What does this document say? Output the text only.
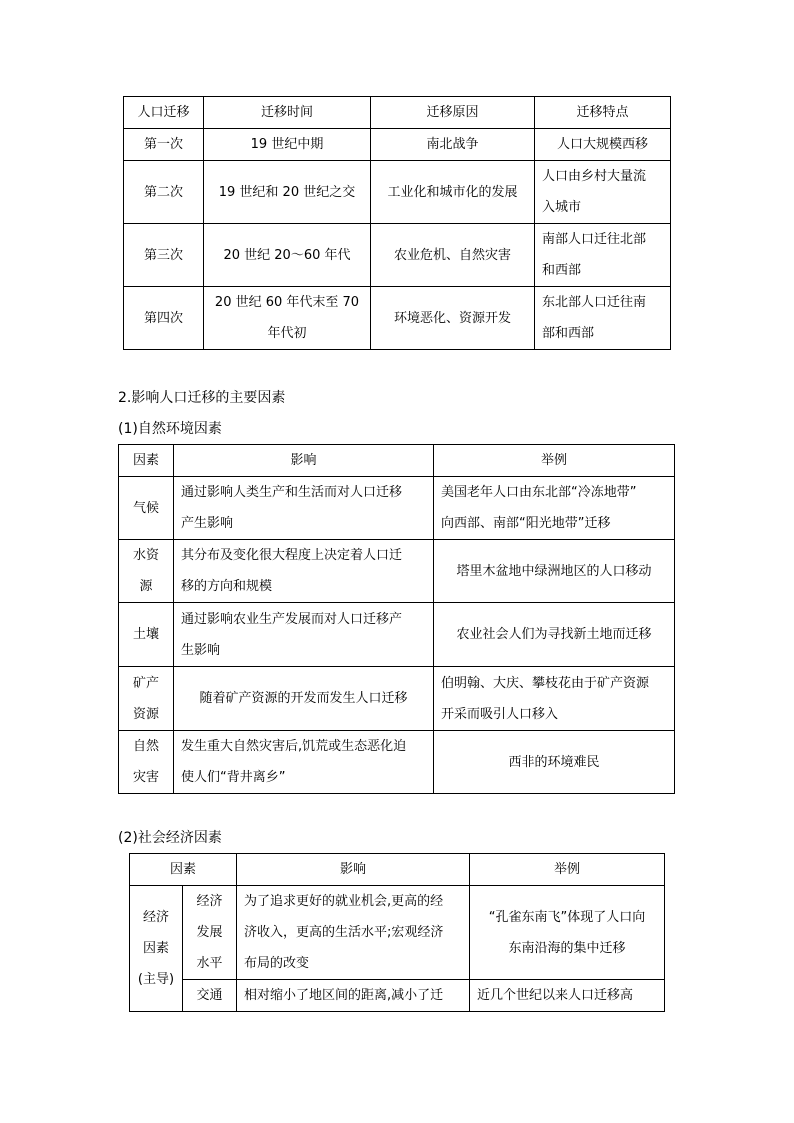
人口迁移	迁移时间	迁移原因	迁移特点
第一次	19 世纪中期	南北战争	人口大规模西移

第二次	19 世纪和 20 世纪之交	工业化和城市化的发展	人口由乡村大量流
入城市

第三次	20 世纪 20～60 年代	农业危机、自然灾害	南部人口迁往北部
和西部

第四次	20 世纪 60 年代末至 70
年代初	环境恶化、资源开发	东北部人口迁往南
部和西部
2.影响人口迁移的主要因素
(1)自然环境因素
因素	影响	举例

气候	通过影响人类生产和生活而对人口迁移
产生影响	美国老年人口由东北部“冷冻地带”
向西部、南部“阳光地带”迁移

水资
源	其分布及变化很大程度上决定着人口迁
移的方向和规模	塔里木盆地中绿洲地区的人口移动

土壤	通过影响农业生产发展而对人口迁移产
生影响	农业社会人们为寻找新土地而迁移

矿产
资源	随着矿产资源的开发而发生人口迁移	伯明翰、大庆、攀枝花由于矿产资源
开采而吸引人口移入

自然
灾害	发生重大自然灾害后,饥荒或生态恶化迫
使人们“背井离乡”	西非的环境难民
(2)社会经济因素
因素		影响	举例

经济
因素
(主导)	经济
发展
水平	为了追求更好的就业机会,更高的经
济收入，更高的生活水平;宏观经济
布局的改变	“孔雀东南飞”体现了人口向
东南沿海的集中迁移

	交通	相对缩小了地区间的距离,减小了迁	近几个世纪以来人口迁移高
